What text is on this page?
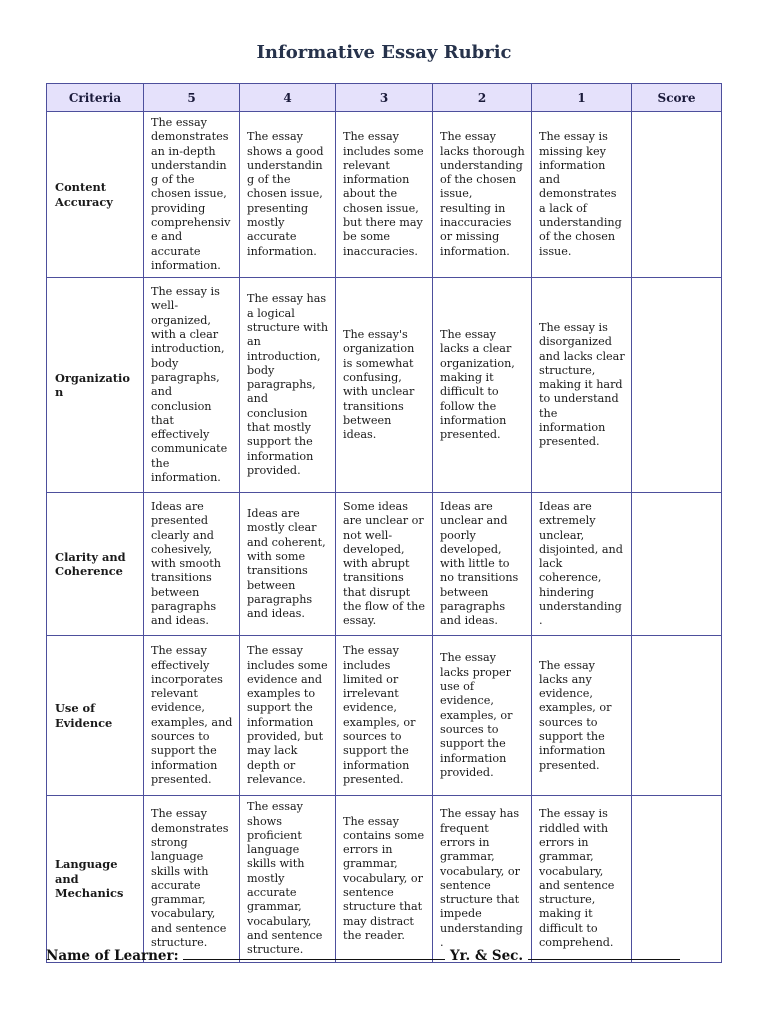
Informative Essay Rubric
Criteria	5	4	3	2	1	Score
Content Accuracy	The essay demonstrates an in-depth understanding of the chosen issue, providing comprehensive and accurate information.	The essay shows a good understanding of the chosen issue, presenting mostly accurate information.	The essay includes some relevant information about the chosen issue, but there may be some inaccuracies.	The essay lacks thorough understanding of the chosen issue, resulting in inaccuracies or missing information.	The essay is missing key information and demonstrates a lack of understanding of the chosen issue.	
Organization	The essay is well-organized, with a clear introduction, body paragraphs, and conclusion that effectively communicate the information.	The essay has a logical structure with an introduction, body paragraphs, and conclusion that mostly support the information provided.	The essay's organization is somewhat confusing, with unclear transitions between ideas.	The essay lacks a clear organization, making it difficult to follow the information presented.	The essay is disorganized and lacks clear structure, making it hard to understand the information presented.	
Clarity and Coherence	Ideas are presented clearly and cohesively, with smooth transitions between paragraphs and ideas.	Ideas are mostly clear and coherent, with some transitions between paragraphs and ideas.	Some ideas are unclear or not well-developed, with abrupt transitions that disrupt the flow of the essay.	Ideas are unclear and poorly developed, with little to no transitions between paragraphs and ideas.	Ideas are extremely unclear, disjointed, and lack coherence, hindering understanding.	
Use of Evidence	The essay effectively incorporates relevant evidence, examples, and sources to support the information presented.	The essay includes some evidence and examples to support the information provided, but may lack depth or relevance.	The essay includes limited or irrelevant evidence, examples, or sources to support the information presented.	The essay lacks proper use of evidence, examples, or sources to support the information provided.	The essay lacks any evidence, examples, or sources to support the information presented.	
Language and Mechanics	The essay demonstrates strong language skills with accurate grammar, vocabulary, and sentence structure.	The essay shows proficient language skills with mostly accurate grammar, vocabulary, and sentence structure.	The essay contains some errors in grammar, vocabulary, or sentence structure that may distract the reader.	The essay has frequent errors in grammar, vocabulary, or sentence structure that impede understanding.	The essay is riddled with errors in grammar, vocabulary, and sentence structure, making it difficult to comprehend.	
Name of Learner:	Yr. & Sec.
